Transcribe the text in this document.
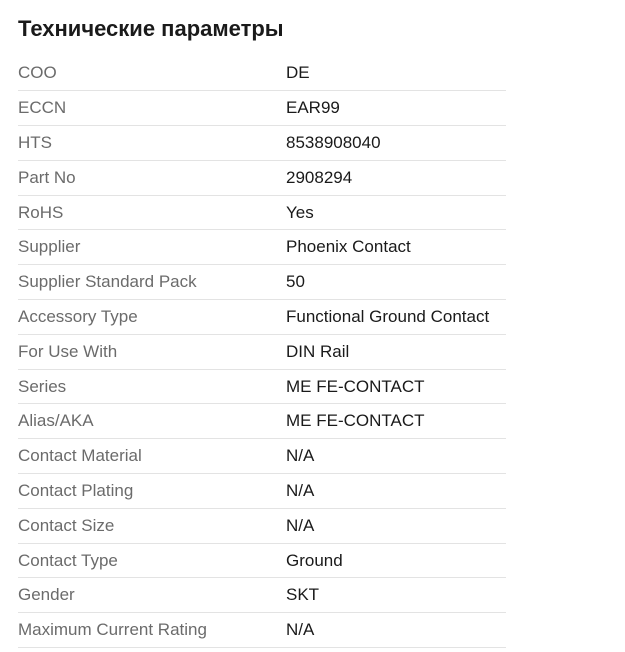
Технические параметры
COO	DE
ECCN	EAR99
HTS	8538908040
Part No	2908294
RoHS	Yes
Supplier	Phoenix Contact
Supplier Standard Pack	50
Accessory Type	Functional Ground Contact
For Use With	DIN Rail
Series	ME FE-CONTACT
Alias/AKA	ME FE-CONTACT
Contact Material	N/A
Contact Plating	N/A
Contact Size	N/A
Contact Type	Ground
Gender	SKT
Maximum Current Rating	N/A
